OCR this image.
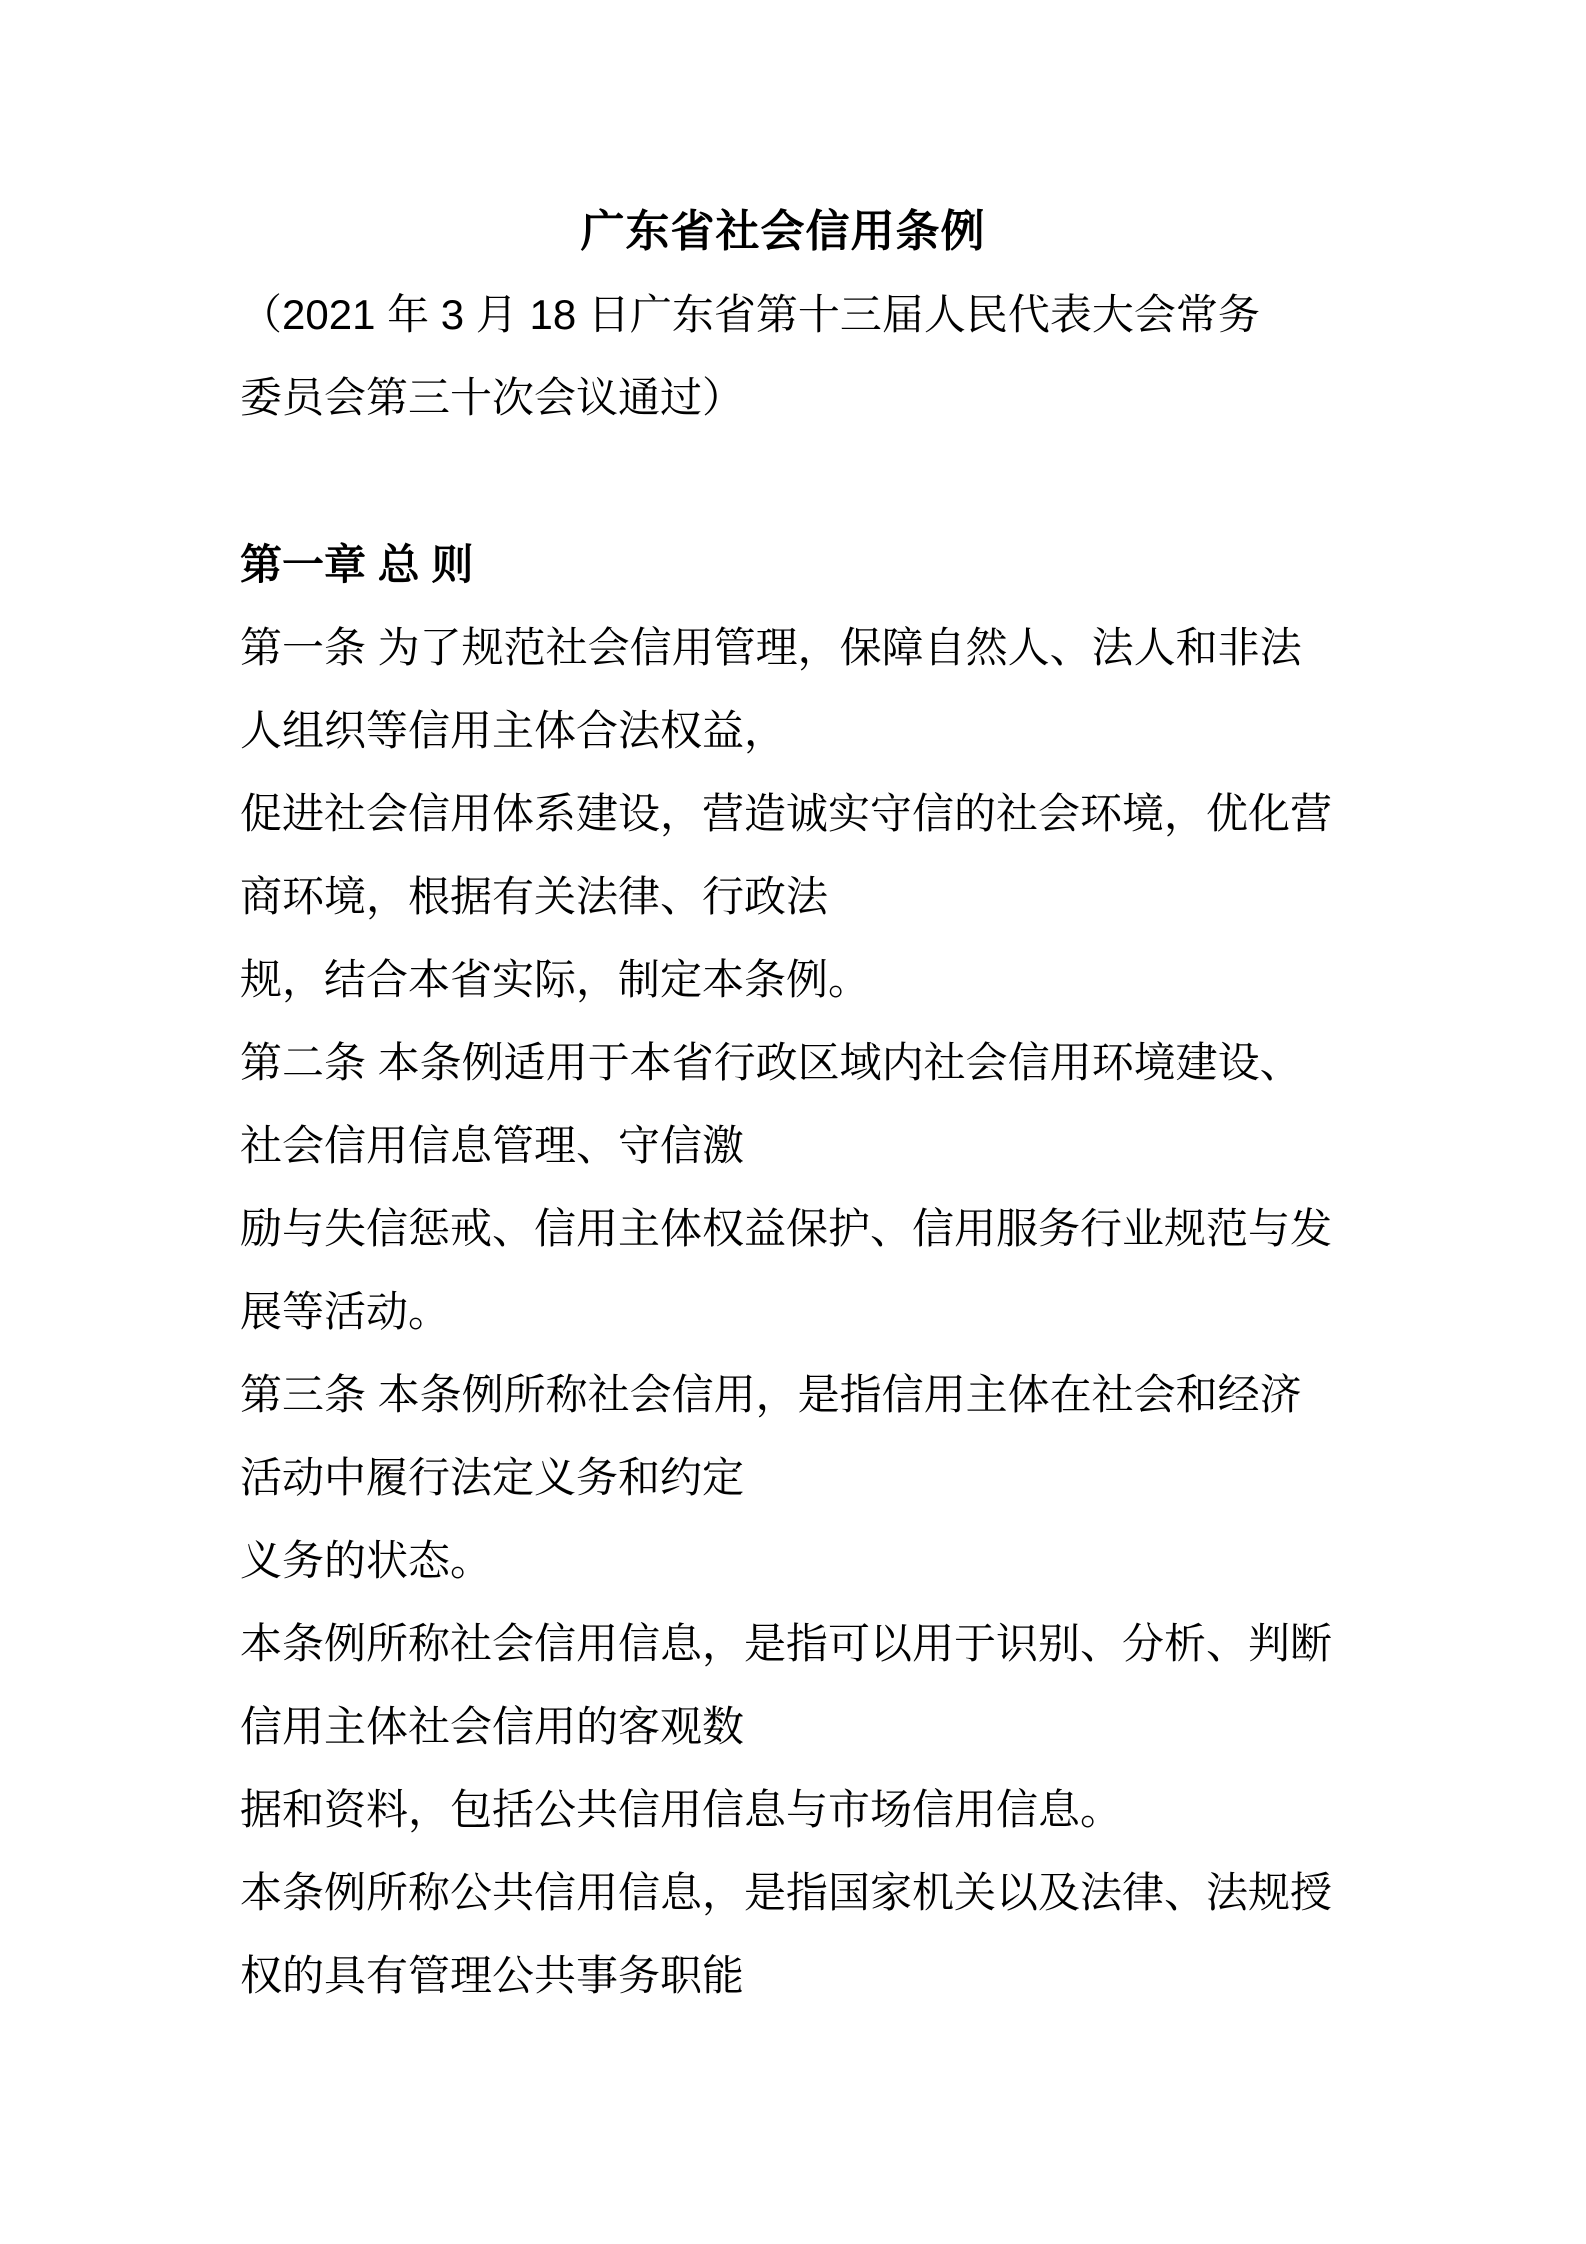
广东省社会信用条例
（2021 年 3 月 18 日广东省第十三届人民代表大会常务
委员会第三十次会议通过）
第一章 总 则
第一条 为了规范社会信用管理，保障自然人、法人和非法
人组织等信用主体合法权益，
促进社会信用体系建设，营造诚实守信的社会环境，优化营
商环境，根据有关法律、行政法
规，结合本省实际，制定本条例。
第二条 本条例适用于本省行政区域内社会信用环境建设、
社会信用信息管理、守信激
励与失信惩戒、信用主体权益保护、信用服务行业规范与发
展等活动。
第三条 本条例所称社会信用，是指信用主体在社会和经济
活动中履行法定义务和约定
义务的状态。
本条例所称社会信用信息，是指可以用于识别、分析、判断
信用主体社会信用的客观数
据和资料，包括公共信用信息与市场信用信息。
本条例所称公共信用信息，是指国家机关以及法律、法规授
权的具有管理公共事务职能
